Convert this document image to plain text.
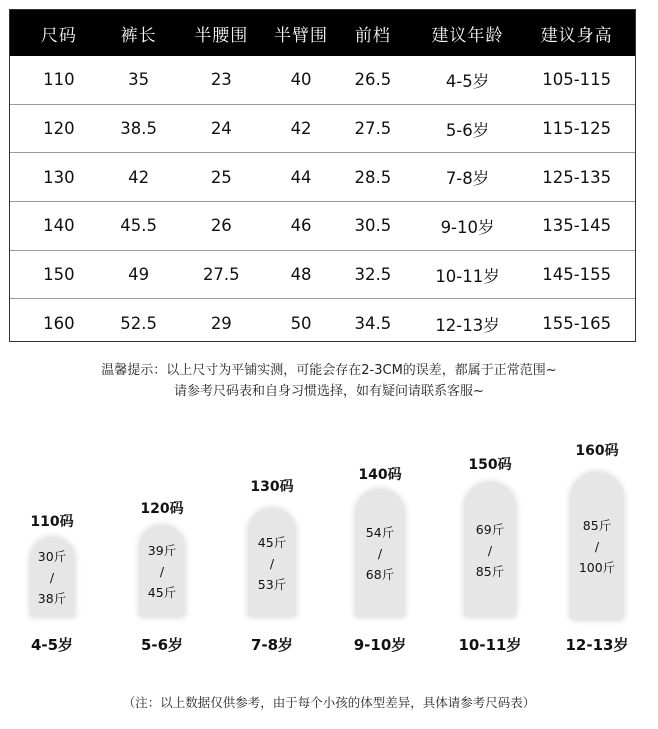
尺码	裤长	半腰围	半臂围	前档	建议年龄	建议身高
110	35	23	40	26.5	4-5岁	105-115
120	38.5	24	42	27.5	5-6岁	115-125
130	42	25	44	28.5	7-8岁	125-135
140	45.5	26	46	30.5	9-10岁	135-145
150	49	27.5	48	32.5	10-11岁	145-155
160	52.5	29	50	34.5	12-13岁	155-165
温馨提示：以上尺寸为平铺实测，可能会存在2-3CM的误差，都属于正常范围~
请参考尺码表和自身习惯选择，如有疑问请联系客服~
110码
30斤
/
38斤
4-5岁
120码
39斤
/
45斤
5-6岁
130码
45斤
/
53斤
7-8岁
140码
54斤
/
68斤
9-10岁
150码
69斤
/
85斤
10-11岁
160码
85斤
/
100斤
12-13岁
（注：以上数据仅供参考，由于每个小孩的体型差异，具体请参考尺码表）
